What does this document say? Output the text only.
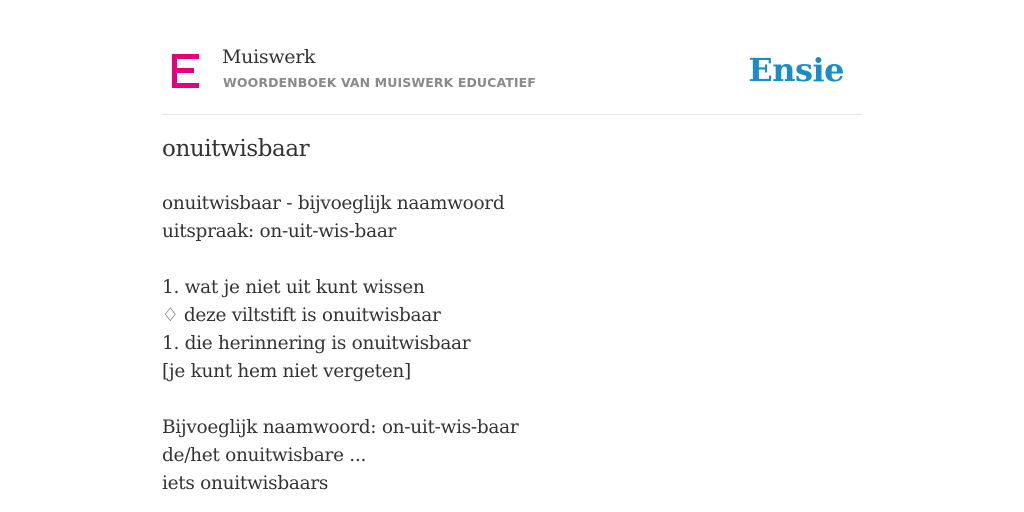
Muiswerk
WOORDENBOEK VAN MUISWERK EDUCATIEF	Ensie
onuitwisbaar
onuitwisbaar - bijvoeglijk naamwoord
uitspraak: on-uit-wis-baar
1. wat je niet uit kunt wissen
♢ deze viltstift is onuitwisbaar
1. die herinnering is onuitwisbaar
[je kunt hem niet vergeten]
Bijvoeglijk naamwoord: on-uit-wis-baar
de/het onuitwisbare ...
iets onuitwisbaars
